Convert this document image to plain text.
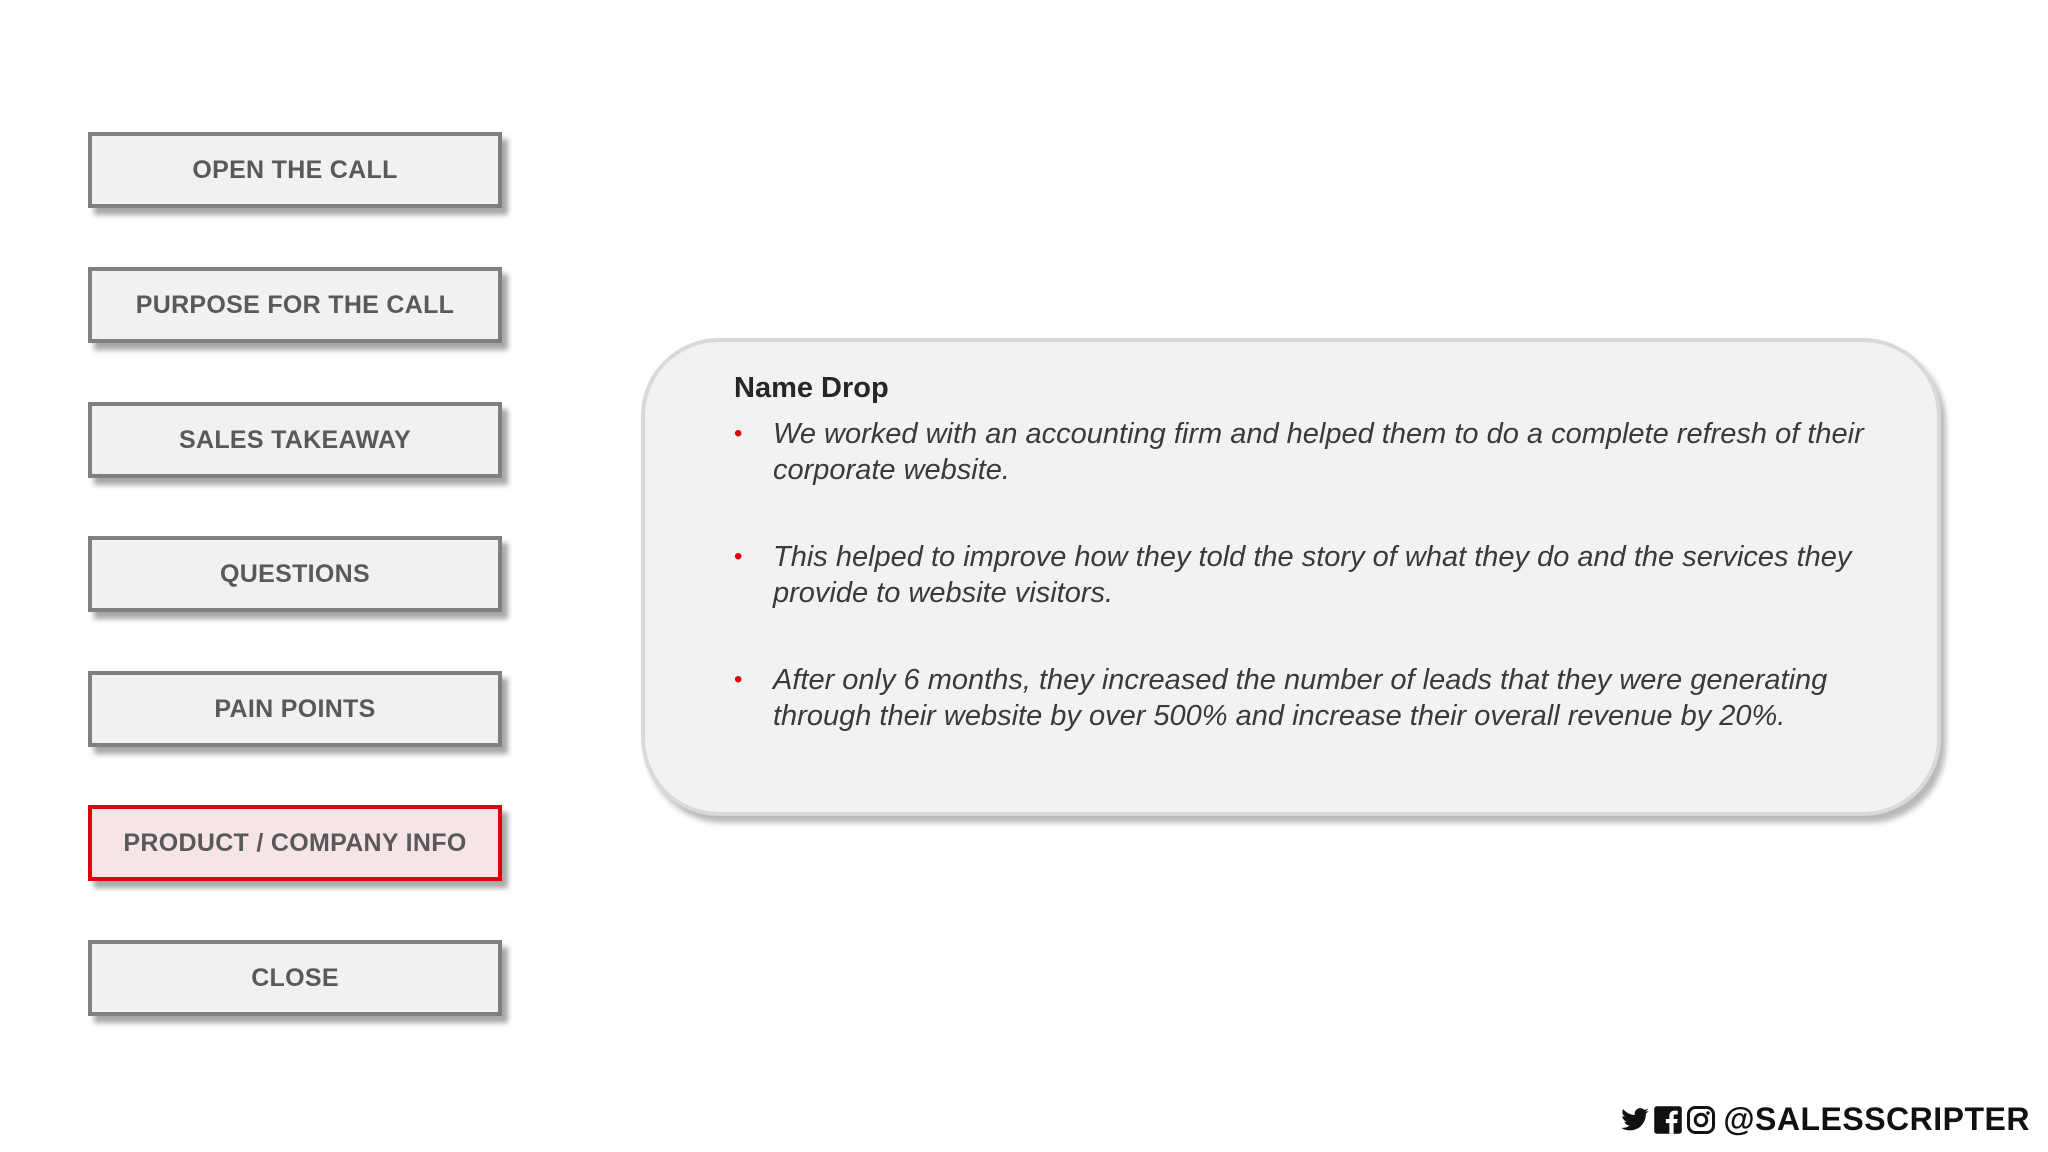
OPEN THE CALL
PURPOSE FOR THE CALL
SALES TAKEAWAY
QUESTIONS
PAIN POINTS
PRODUCT / COMPANY INFO
CLOSE
Name Drop
• We worked with an accounting firm and helped them to do a complete refresh of their corporate website.
• This helped to improve how they told the story of what they do and the services they provide to website visitors.
• After only 6 months, they increased the number of leads that they were generating through their website by over 500% and increase their overall revenue by 20%.
@SALESSCRIPTER
